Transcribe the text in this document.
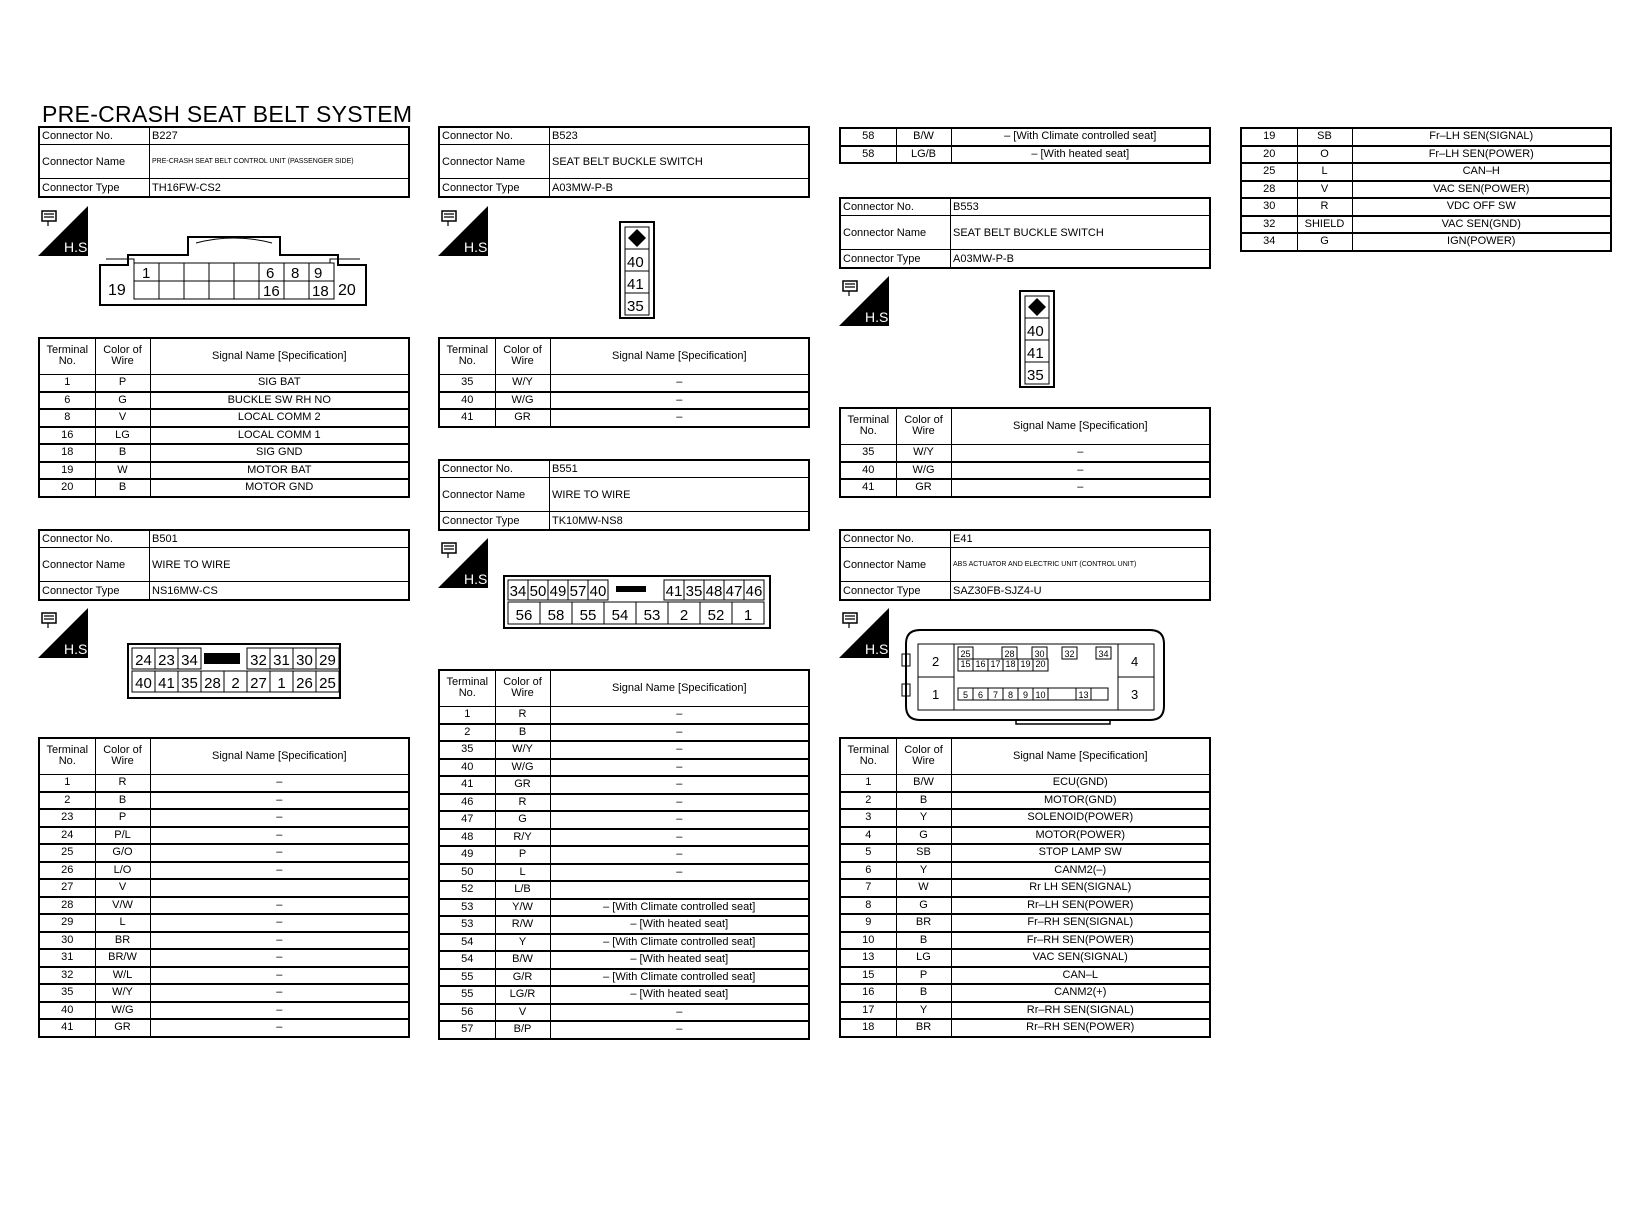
PRE-CRASH SEAT BELT SYSTEM
Connector No.	B227
Connector Name	PRE-CRASH SEAT BELT CONTROL UNIT (PASSENGER SIDE)
Connector Type	TH16FW-CS2
H.S.
19	20
1	6 8 9
16 18
Terminal No.	Color of Wire	Signal Name [Specification]
1	P	SIG BAT
6	G	BUCKLE SW RH NO
8	V	LOCAL COMM 2
16	LG	LOCAL COMM 1
18	B	SIG GND
19	W	MOTOR BAT
20	B	MOTOR GND
Connector No.	B501
Connector Name	WIRE TO WIRE
Connector Type	NS16MW-CS
H.S.
24 23 34	32 31 30 29
40 41 35 28 2 27 1 26 25
Terminal No.	Color of Wire	Signal Name [Specification]
1	R	–
2	B	–
23	P	–
24	P/L	–
25	G/O	–
26	L/O	–
27	V	
28	V/W	–
29	L	–
30	BR	–
31	BR/W	–
32	W/L	–
35	W/Y	–
40	W/G	–
41	GR	–
Connector No.	B523
Connector Name	SEAT BELT BUCKLE SWITCH
Connector Type	A03MW-P-B
H.S.
40
41
35
Terminal No.	Color of Wire	Signal Name [Specification]
35	W/Y	–
40	W/G	–
41	GR	–
Connector No.	B551
Connector Name	WIRE TO WIRE
Connector Type	TK10MW-NS8
H.S.
34 50 49 57 40	41 35 48 47 46
56 58 55 54 53 2 52 1
Terminal No.	Color of Wire	Signal Name [Specification]
1	R	–
2	B	–
35	W/Y	–
40	W/G	–
41	GR	–
46	R	–
47	G	–
48	R/Y	–
49	P	–
50	L	–
52	L/B	
53	Y/W	– [With Climate controlled seat]
53	R/W	– [With heated seat]
54	Y	– [With Climate controlled seat]
54	B/W	– [With heated seat]
55	G/R	– [With Climate controlled seat]
55	LG/R	– [With heated seat]
56	V	–
57	B/P	–
58	B/W	– [With Climate controlled seat]
58	LG/B	– [With heated seat]
Connector No.	B553
Connector Name	SEAT BELT BUCKLE SWITCH
Connector Type	A03MW-P-B
H.S.
40
41
35
Terminal No.	Color of Wire	Signal Name [Specification]
35	W/Y	–
40	W/G	–
41	GR	–
Connector No.	E41
Connector Name	ABS ACTUATOR AND ELECTRIC UNIT (CONTROL UNIT)
Connector Type	SAZ30FB-SJZ4-U
H.S.
2
1
4
3
25	28 30 32	34
15 16 17 18 19 20
5 6 7 8 9 10	13
Terminal No.	Color of Wire	Signal Name [Specification]
1	B/W	ECU(GND)
2	B	MOTOR(GND)
3	Y	SOLENOID(POWER)
4	G	MOTOR(POWER)
5	SB	STOP LAMP SW
6	Y	CANM2(–)
7	W	Rr LH SEN(SIGNAL)
8	G	Rr–LH SEN(POWER)
9	BR	Fr–RH SEN(SIGNAL)
10	B	Fr–RH SEN(POWER)
13	LG	VAC SEN(SIGNAL)
15	P	CAN–L
16	B	CANM2(+)
17	Y	Rr–RH SEN(SIGNAL)
18	BR	Rr–RH SEN(POWER)
19	SB	Fr–LH SEN(SIGNAL)
20	O	Fr–LH SEN(POWER)
25	L	CAN–H
28	V	VAC SEN(POWER)
30	R	VDC OFF SW
32	SHIELD	VAC SEN(GND)
34	G	IGN(POWER)
